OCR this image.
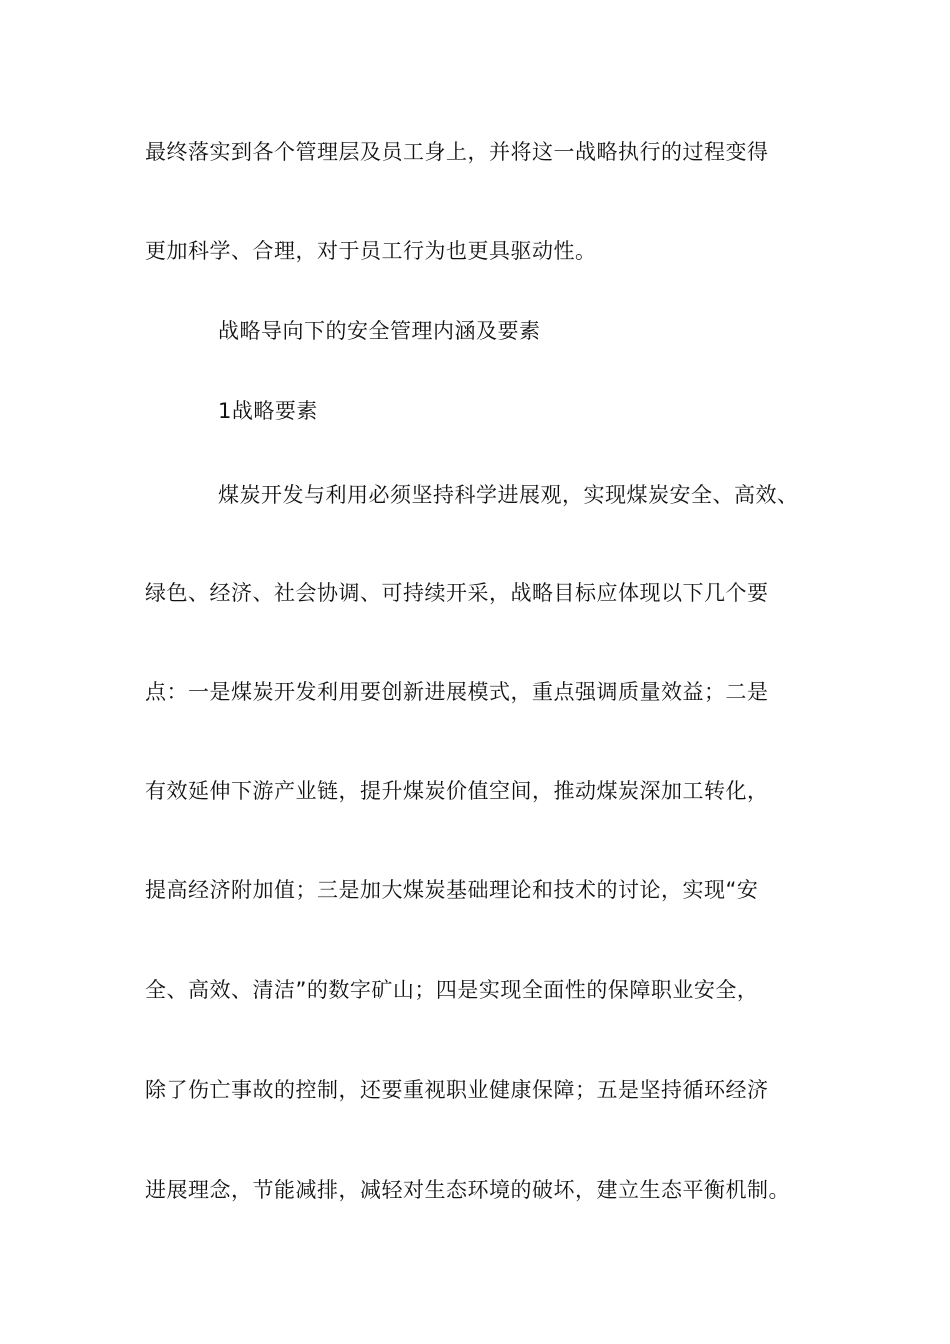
最终落实到各个管理层及员工身上，并将这一战略执行的过程变得
更加科学、合理，对于员工行为也更具驱动性。
战略导向下的安全管理内涵及要素
1战略要素
煤炭开发与利用必须坚持科学进展观，实现煤炭安全、高效、
绿色、经济、社会协调、可持续开采，战略目标应体现以下几个要
点：一是煤炭开发利用要创新进展模式，重点强调质量效益；二是
有效延伸下游产业链，提升煤炭价值空间，推动煤炭深加工转化，
提高经济附加值；三是加大煤炭基础理论和技术的讨论，实现“安
全、高效、清洁”的数字矿山；四是实现全面性的保障职业安全，
除了伤亡事故的控制，还要重视职业健康保障；五是坚持循环经济
进展理念，节能减排，减轻对生态环境的破坏，建立生态平衡机制。
